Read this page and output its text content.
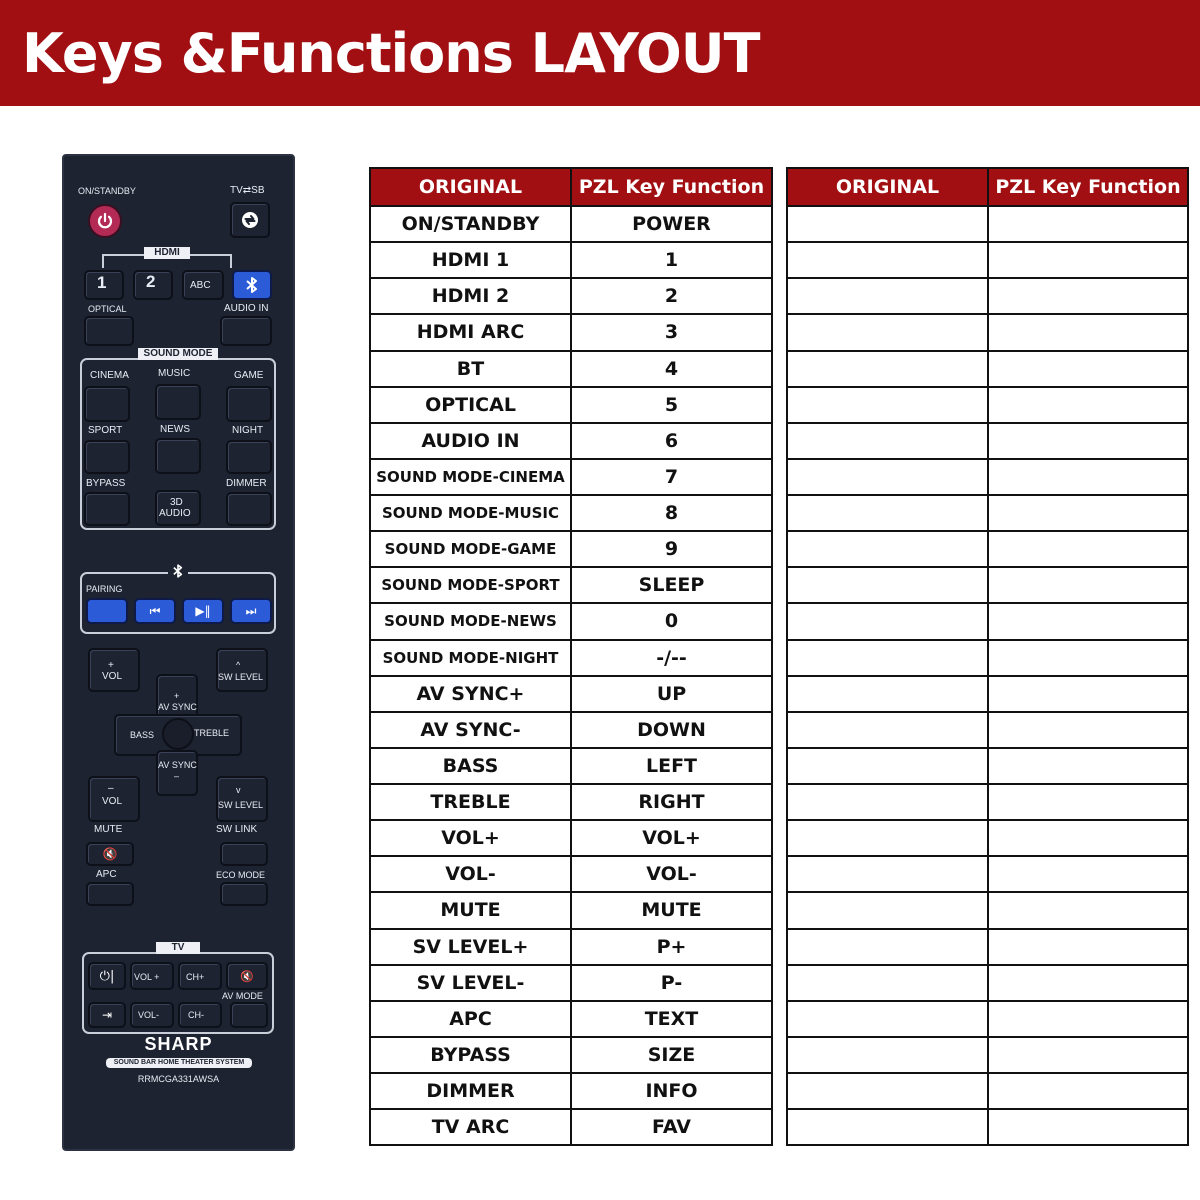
Keys &Functions LAYOUT
ON/STANDBY	TV⇄SB
HDMI
1 2	ABC
OPTICAL	AUDIO IN
SOUND MODE
CINEMA	MUSIC	GAME
SPORT	NEWS	NIGHT
BYPASS	DIMMER
3D
AUDIO
PAIRING
⏮	▶‖	⏭
+
VOL
^
SW LEVEL
+
AV SYNC
BASS	TREBLE
AV SYNC
–
–
VOL
v
SW LEVEL
MUTE	SW LINK
🔇
APC	ECO MODE
TV
⏻|	VOL +	CH+	🔇
AV MODE
⇥	VOL-	CH-
SHARP
SOUND BAR HOME THEATER SYSTEM
RRMCGA331AWSA
ORIGINAL	PZL Key Function
ON/STANDBY	POWER
HDMI 1	1
HDMI 2	2
HDMI ARC	3
BT	4
OPTICAL	5
AUDIO IN	6
SOUND MODE-CINEMA	7
SOUND MODE-MUSIC	8
SOUND MODE-GAME	9
SOUND MODE-SPORT	SLEEP
SOUND MODE-NEWS	0
SOUND MODE-NIGHT	-/--
AV SYNC+	UP
AV SYNC-	DOWN
BASS	LEFT
TREBLE	RIGHT
VOL+	VOL+
VOL-	VOL-
MUTE	MUTE
SV LEVEL+	P+
SV LEVEL-	P-
APC	TEXT
BYPASS	SIZE
DIMMER	INFO
TV ARC	FAV
ORIGINAL	PZL Key Function
